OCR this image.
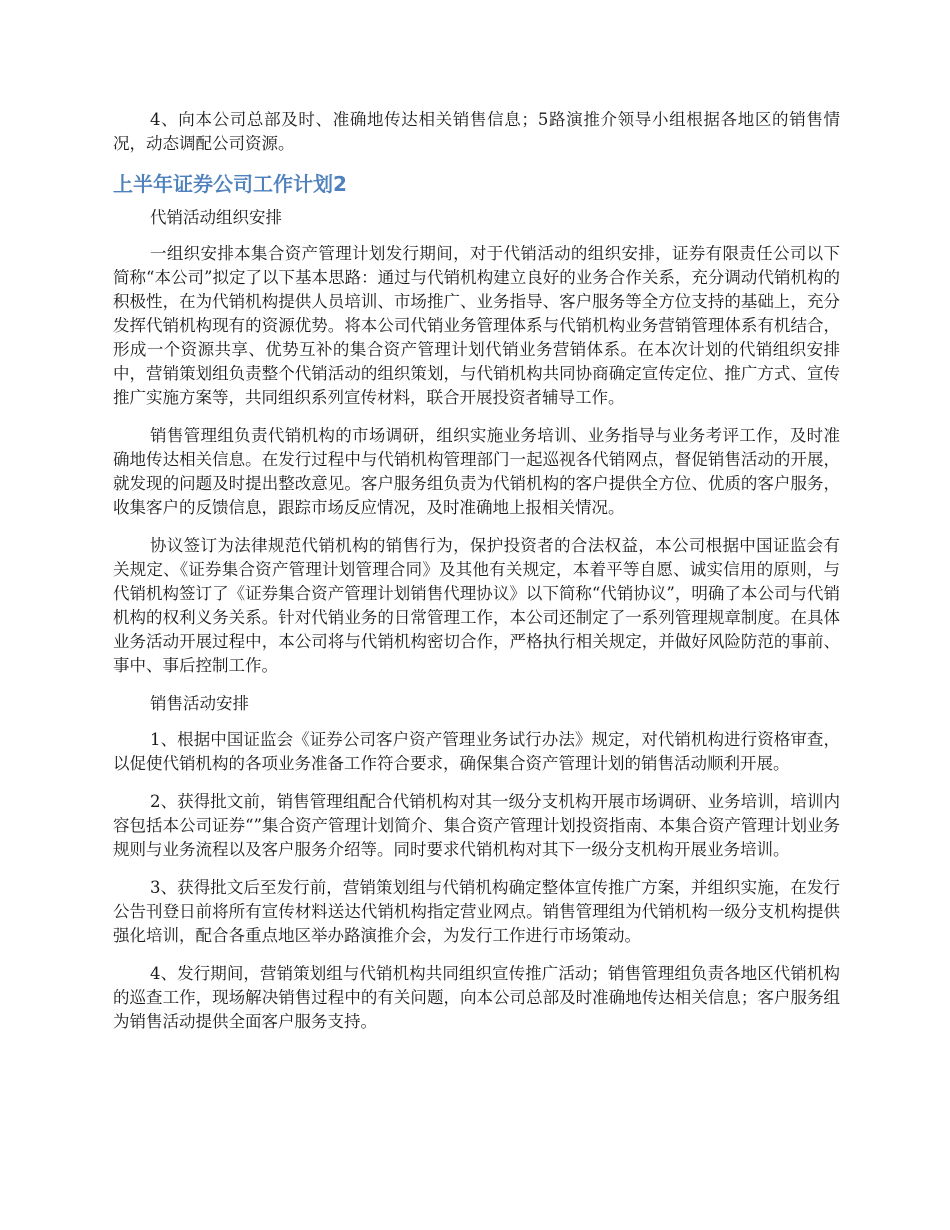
4、向本公司总部及时、准确地传达相关销售信息；5路演推介领导小组根据各地区的销售情况，动态调配公司资源。

上半年证券公司工作计划2

代销活动组织安排

一组织安排本集合资产管理计划发行期间，对于代销活动的组织安排，证券有限责任公司以下简称“本公司”拟定了以下基本思路：通过与代销机构建立良好的业务合作关系，充分调动代销机构的积极性，在为代销机构提供人员培训、市场推广、业务指导、客户服务等全方位支持的基础上，充分发挥代销机构现有的资源优势。将本公司代销业务管理体系与代销机构业务营销管理体系有机结合，形成一个资源共享、优势互补的集合资产管理计划代销业务营销体系。在本次计划的代销组织安排中，营销策划组负责整个代销活动的组织策划，与代销机构共同协商确定宣传定位、推广方式、宣传推广实施方案等，共同组织系列宣传材料，联合开展投资者辅导工作。

销售管理组负责代销机构的市场调研，组织实施业务培训、业务指导与业务考评工作，及时准确地传达相关信息。在发行过程中与代销机构管理部门一起巡视各代销网点，督促销售活动的开展，就发现的问题及时提出整改意见。客户服务组负责为代销机构的客户提供全方位、优质的客户服务，收集客户的反馈信息，跟踪市场反应情况，及时准确地上报相关情况。

协议签订为法律规范代销机构的销售行为，保护投资者的合法权益，本公司根据中国证监会有关规定、《证券集合资产管理计划管理合同》及其他有关规定，本着平等自愿、诚实信用的原则，与代销机构签订了《证券集合资产管理计划销售代理协议》以下简称“代销协议”，明确了本公司与代销机构的权利义务关系。针对代销业务的日常管理工作，本公司还制定了一系列管理规章制度。在具体业务活动开展过程中，本公司将与代销机构密切合作，严格执行相关规定，并做好风险防范的事前、事中、事后控制工作。

销售活动安排

1、根据中国证监会《证券公司客户资产管理业务试行办法》规定，对代销机构进行资格审查，以促使代销机构的各项业务准备工作符合要求，确保集合资产管理计划的销售活动顺利开展。

2、获得批文前，销售管理组配合代销机构对其一级分支机构开展市场调研、业务培训，培训内容包括本公司证券“”集合资产管理计划简介、集合资产管理计划投资指南、本集合资产管理计划业务规则与业务流程以及客户服务介绍等。同时要求代销机构对其下一级分支机构开展业务培训。

3、获得批文后至发行前，营销策划组与代销机构确定整体宣传推广方案，并组织实施，在发行公告刊登日前将所有宣传材料送达代销机构指定营业网点。销售管理组为代销机构一级分支机构提供强化培训，配合各重点地区举办路演推介会，为发行工作进行市场策动。

4、发行期间，营销策划组与代销机构共同组织宣传推广活动；销售管理组负责各地区代销机构的巡查工作，现场解决销售过程中的有关问题，向本公司总部及时准确地传达相关信息；客户服务组为销售活动提供全面客户服务支持。
